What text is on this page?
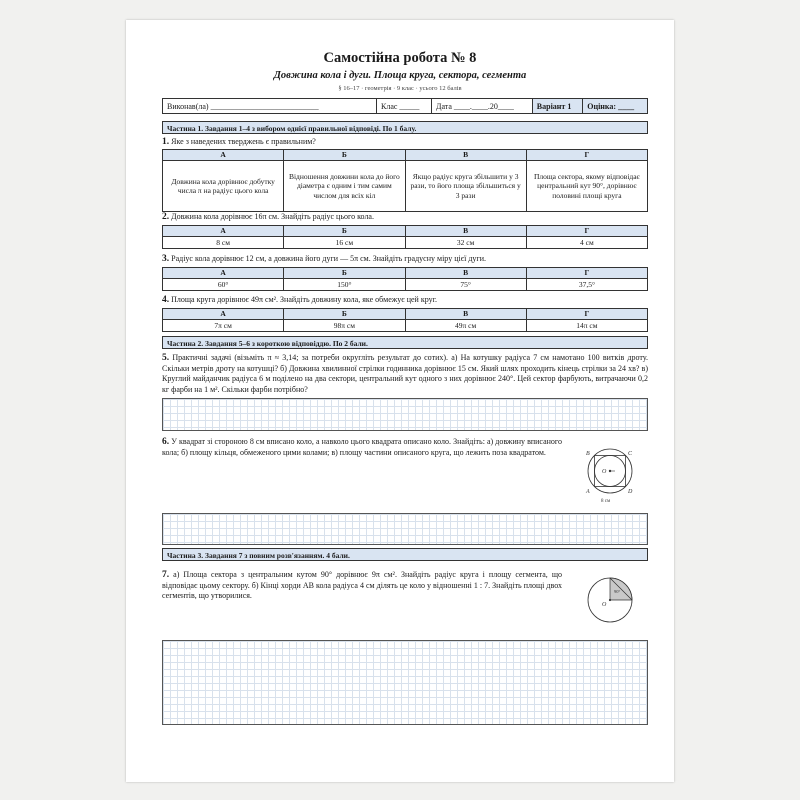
Самостійна робота № 8
Довжина кола і дуги. Площа круга, сектора, сегмента
§ 16–17 · геометрія · 9 клас · усього 12 балів
Виконав(ла) ___________________________	Клас _____	Дата ____.____.20____	Варіант 1	Оцінка: ____
Частина 1. Завдання 1–4 з вибором однієї правильної відповіді. По 1 балу.
1. Яке з наведених тверджень є правильним?
А	Б	В	Г
Довжина кола дорівнює добутку числа π на радіус цього кола	Відношення довжини кола до його діаметра є одним і тим самим числом для всіх кіл	Якщо радіус круга збільшити у 3 рази, то його площа збільшиться у 3 рази	Площа сектора, якому відповідає центральний кут 90°, дорівнює половині площі круга
2. Довжина кола дорівнює 16π см. Знайдіть радіус цього кола.
А	Б	В	Г
8 см	16 см	32 см	4 см
3. Радіус кола дорівнює 12 см, а довжина його дуги — 5π см. Знайдіть градусну міру цієї дуги.
А	Б	В	Г
60°	150°	75°	37,5°
4. Площа круга дорівнює 49π см². Знайдіть довжину кола, яке обмежує цей круг.
А	Б	В	Г
7π см	98π см	49π см	14π см
Частина 2. Завдання 5–6 з короткою відповіддю. По 2 бали.
5. Практичні задачі (візьміть π ≈ 3,14; за потреби округліть результат до сотих). а) На котушку радіуса 7 см намотано 100 витків дроту. Скільки метрів дроту на котушці? б) Довжина хвилинної стрілки годинника дорівнює 15 см. Який шлях проходить кінець стрілки за 24 хв? в) Круглий майданчик радіуса 6 м поділено на два сектори, центральний кут одного з них дорівнює 240°. Цей сектор фарбують, витрачаючи 0,2 кг фарби на 1 м². Скільки фарби потрібно?
6. У квадрат зі стороною 8 см вписано коло, а навколо цього квадрата описано коло. Знайдіть: а) довжину вписаного кола; б) площу кільця, обмеженого цими колами; в) площу частини описаного круга, що лежить поза квадратом.	B	C
A	D
O
8 см
Частина 3. Завдання 7 з повним розв'язанням. 4 бали.
7. а) Площа сектора з центральним кутом 90° дорівнює 9π см². Знайдіть радіус круга і площу сегмента, що відповідає цьому сектору. б) Кінці хорди AB кола радіуса 4 см ділять це коло у відношенні 1 : 7. Знайдіть площі двох сегментів, що утворилися.
O
90°
